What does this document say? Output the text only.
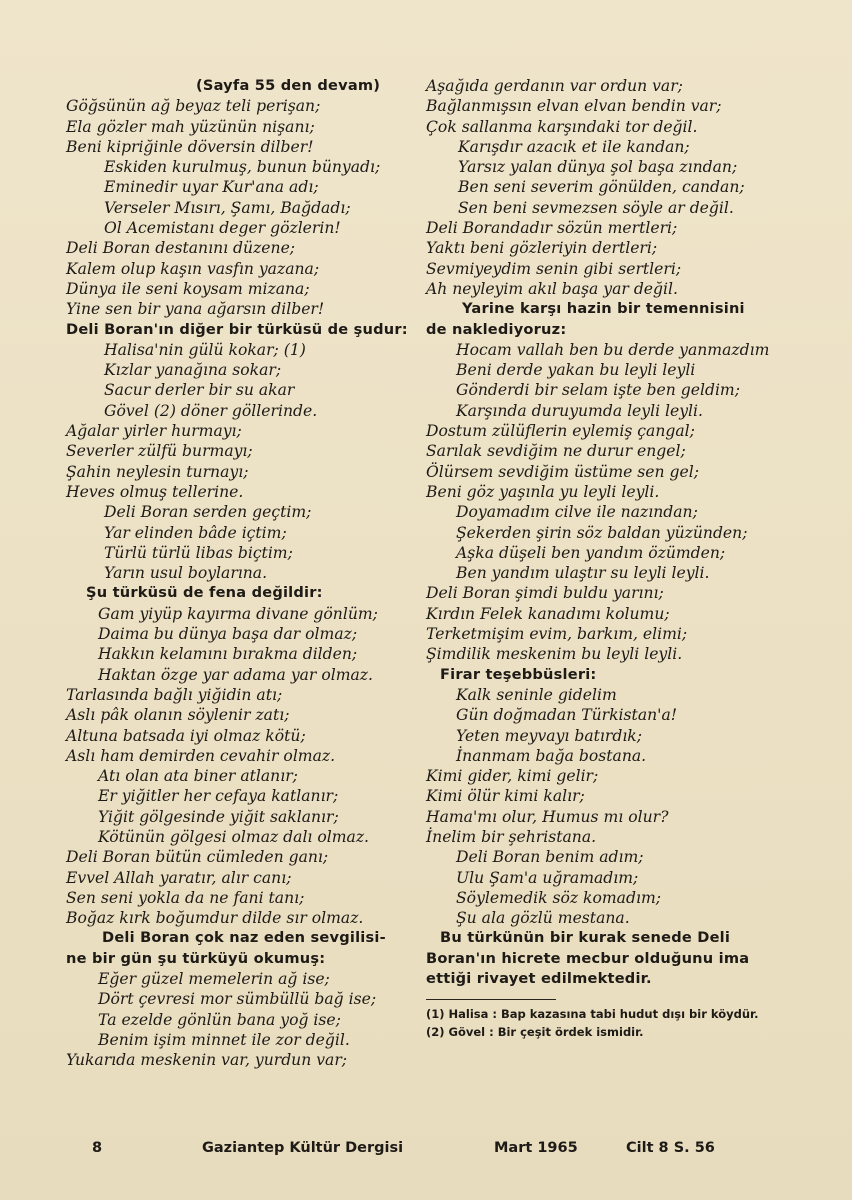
(Sayfa 55 den devam)
Göğsünün ağ beyaz teli perişan;
Ela gözler mah yüzünün nişanı;
Beni kipriğinle döversin dilber!
Eskiden kurulmuş, bunun bünyadı;
Eminedir uyar Kur'ana adı;
Verseler Mısırı, Şamı, Bağdadı;
Ol Acemistanı deger gözlerin!
Deli Boran destanını düzene;
Kalem olup kaşın vasfın yazana;
Dünya ile seni koysam mizana;
Yine sen bir yana ağarsın dilber!
Deli Boran'ın diğer bir türküsü de şudur:
Halisa'nin gülü kokar; (1)
Kızlar yanağına sokar;
Sacur derler bir su akar
Gövel (2) döner göllerinde.
Ağalar yirler hurmayı;
Severler zülfü burmayı;
Şahin neylesin turnayı;
Heves olmuş tellerine.
Deli Boran serden geçtim;
Yar elinden bâde içtim;
Türlü türlü libas biçtim;
Yarın usul boylarına.
Şu türküsü de fena değildir:
Gam yiyüp kayırma divane gönlüm;
Daima bu dünya başa dar olmaz;
Hakkın kelamını bırakma dilden;
Haktan özge yar adama yar olmaz.
Tarlasında bağlı yiğidin atı;
Aslı pâk olanın söylenir zatı;
Altuna batsada iyi olmaz kötü;
Aslı ham demirden cevahir olmaz.
Atı olan ata biner atlanır;
Er yiğitler her cefaya katlanır;
Yiğit gölgesinde yiğit saklanır;
Kötünün gölgesi olmaz dalı olmaz.
Deli Boran bütün cümleden ganı;
Evvel Allah yaratır, alır canı;
Sen seni yokla da ne fani tanı;
Boğaz kırk boğumdur dilde sır olmaz.
Deli Boran çok naz eden sevgilisi-
ne bir gün şu türküyü okumuş:
Eğer güzel memelerin ağ ise;
Dört çevresi mor sümbüllü bağ ise;
Ta ezelde gönlün bana yoğ ise;
Benim işim minnet ile zor değil.
Yukarıda meskenin var, yurdun var;
Aşağıda gerdanın var ordun var;
Bağlanmışsın elvan elvan bendin var;
Çok sallanma karşındaki tor değil.
Karışdır azacık et ile kandan;
Yarsız yalan dünya şol başa zından;
Ben seni severim gönülden, candan;
Sen beni sevmezsen söyle ar değil.
Deli Borandadır sözün mertleri;
Yaktı beni gözleriyin dertleri;
Sevmiyeydim senin gibi sertleri;
Ah neyleyim akıl başa yar değil.
Yarine karşı hazin bir temennisini
de naklediyoruz:
Hocam vallah ben bu derde yanmazdım
Beni derde yakan bu leyli leyli
Gönderdi bir selam işte ben geldim;
Karşında duruyumda leyli leyli.
Dostum zülüflerin eylemiş çangal;
Sarılak sevdiğim ne durur engel;
Ölürsem sevdiğim üstüme sen gel;
Beni göz yaşınla yu leyli leyli.
Doyamadım cilve ile nazından;
Şekerden şirin söz baldan yüzünden;
Aşka düşeli ben yandım özümden;
Ben yandım ulaştır su leyli leyli.
Deli Boran şimdi buldu yarını;
Kırdın Felek kanadımı kolumu;
Terketmişim evim, barkım, elimi;
Şimdilik meskenim bu leyli leyli.
Firar teşebbüsleri:
Kalk seninle gidelim
Gün doğmadan Türkistan'a!
Yeten meyvayı batırdık;
İnanmam bağa bostana.
Kimi gider, kimi gelir;
Kimi ölür kimi kalır;
Hama'mı olur, Humus mı olur?
İnelim bir şehristana.
Deli Boran benim adım;
Ulu Şam'a uğramadım;
Söylemedik söz komadım;
Şu ala gözlü mestana.
Bu türkünün bir kurak senede Deli
Boran'ın hicrete mecbur olduğunu ima
ettiği rivayet edilmektedir.
(1) Halisa : Bap kazasına tabi hudut dışı bir köydür.
(2) Gövel : Bir çeşit ördek ismidir.
8	Gaziantep Kültür Dergisi	Mart 1965	Cilt 8 S. 56
